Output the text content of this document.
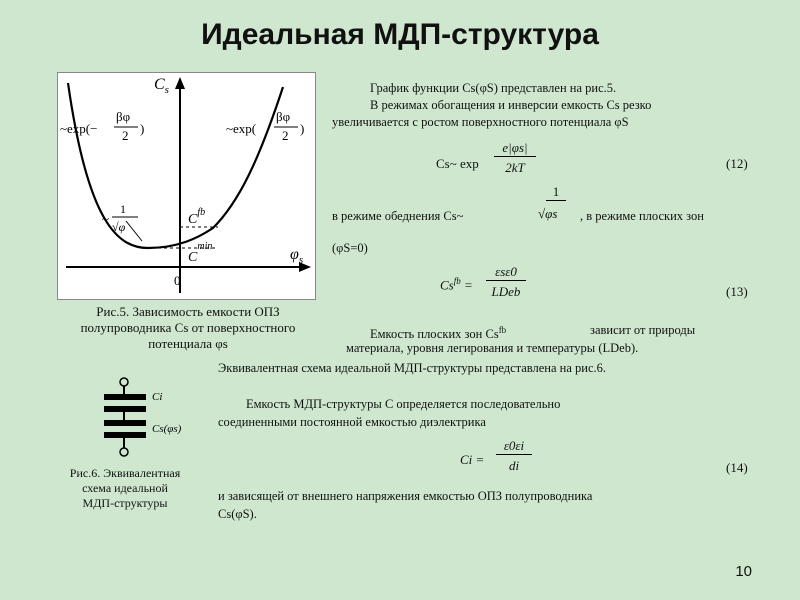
Идеальная МДП-структура
$C_s$
$\varphi_s$
0
~exp(−
βφ
2 )	~exp(
βφ
2 )
~
1
√φ	$C^{fb}$
$C^{min}$
Рис.5. Зависимость емкости ОПЗ
полупроводника Cs от поверхностного
потенциала φs
Ci
Cs(φs)
Рис.6. Эквивалентная
схема идеальной
МДП-структуры
График функции Cs(φS) представлен на рис.5.
В режимах обогащения и инверсии емкость Cs резко
увеличивается с ростом поверхностного потенциала φS
Cs~ exp
e|φs|
2kT	(12)
в режиме обеднения Cs~
1
√φs , в режиме плоских зон
(φS=0)
$Cs^{fb}$ =
εsε0
LDeb	(13)
Емкость плоских зон $Cs^{fb}$	зависит от природы
материала, уровня легирования и температуры (LDeb).
Эквивалентная схема идеальной МДП-структуры представлена на рис.6.
Емкость МДП-структуры C определяется последовательно
соединенными постоянной емкостью диэлектрика
Ci =
ε0εi
di	(14)
и зависящей от внешнего напряжения емкостью ОПЗ полупроводника
Cs(φS).
10
